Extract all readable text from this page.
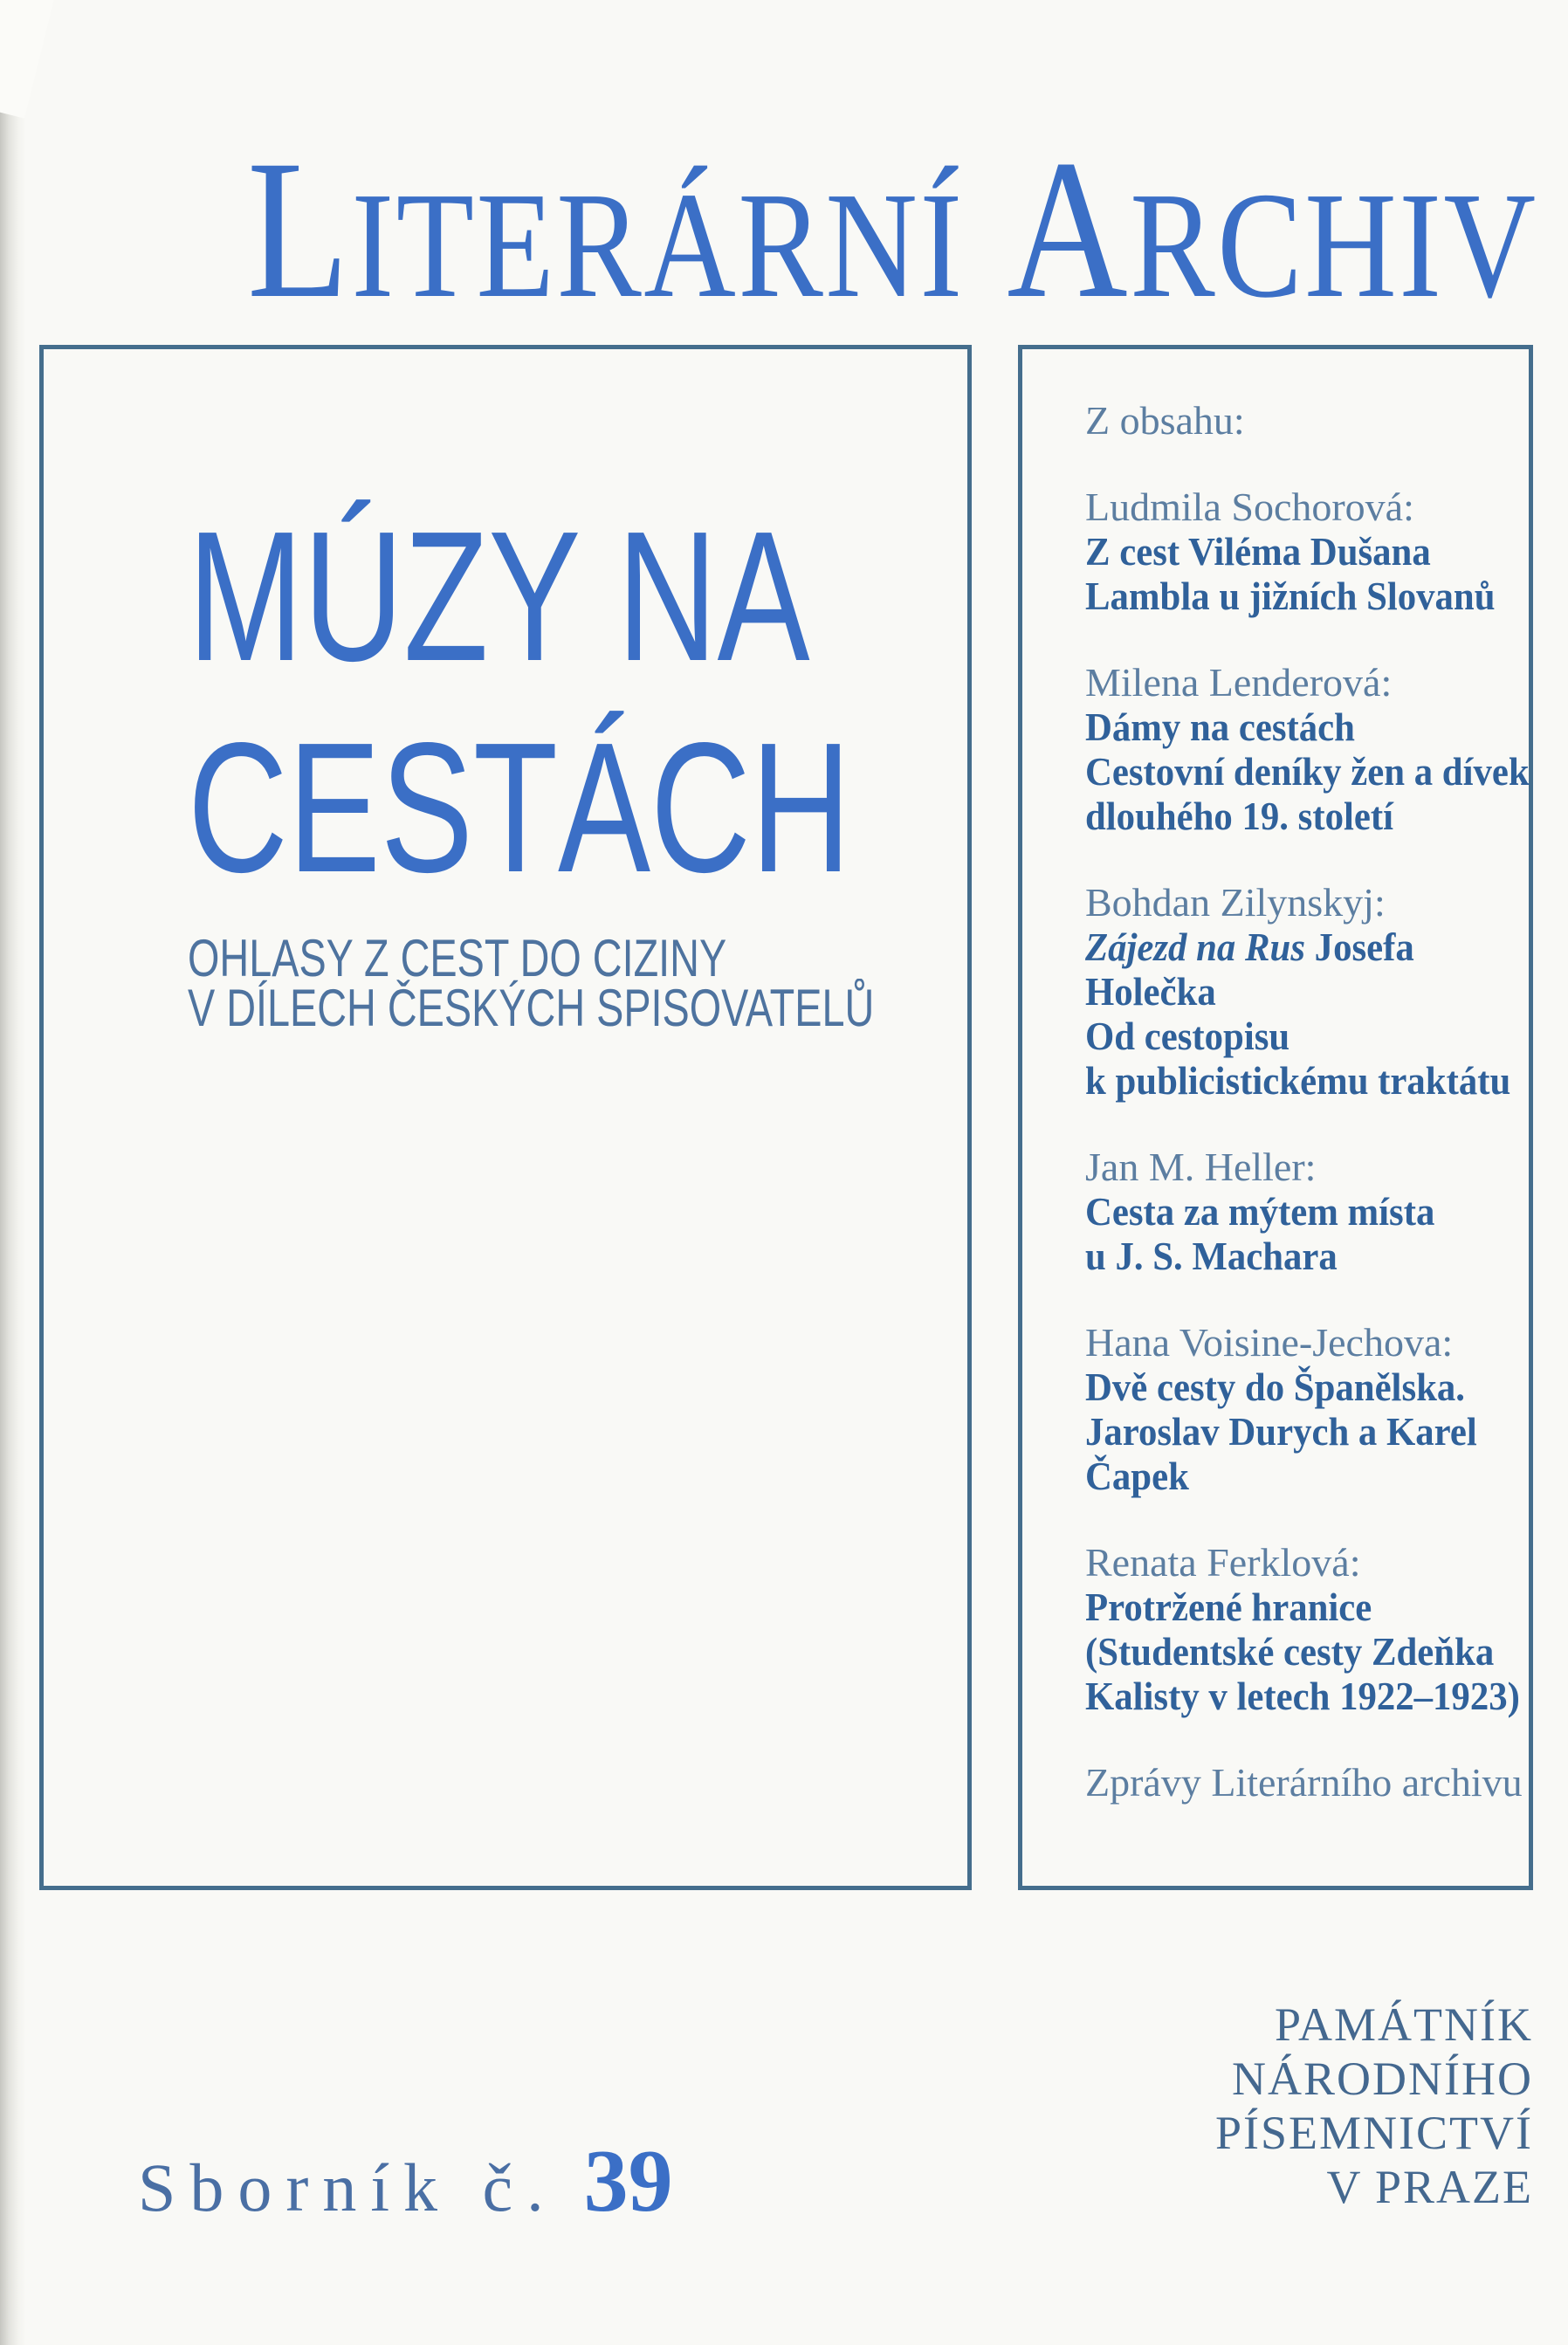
LITERÁRNÍ ARCHIV
MÚZY NA
CESTÁCH
OHLASY Z CEST DO CIZINY
V DÍLECH ČESKÝCH SPISOVATELŮ
Z obsahu:
Ludmila Sochorová:
Z cest Viléma Dušana
Lambla u jižních Slovanů
Milena Lenderová:
Dámy na cestách
Cestovní deníky žen a dívek
dlouhého 19. století
Bohdan Zilynskyj:
Zájezd na Rus Josefa
Holečka
Od cestopisu
k publicistickému traktátu
Jan M. Heller:
Cesta za mýtem místa
u J. S. Machara
Hana Voisine-Jechova:
Dvě cesty do Španělska.
Jaroslav Durych a Karel
Čapek
Renata Ferklová:
Protržené hranice
(Studentské cesty Zdeňka
Kalisty v letech 1922–1923)
Zprávy Literárního archivu
Sborník č. 39
PAMÁTNÍK
NÁRODNÍHO
PÍSEMNICTVÍ
V PRAZE
